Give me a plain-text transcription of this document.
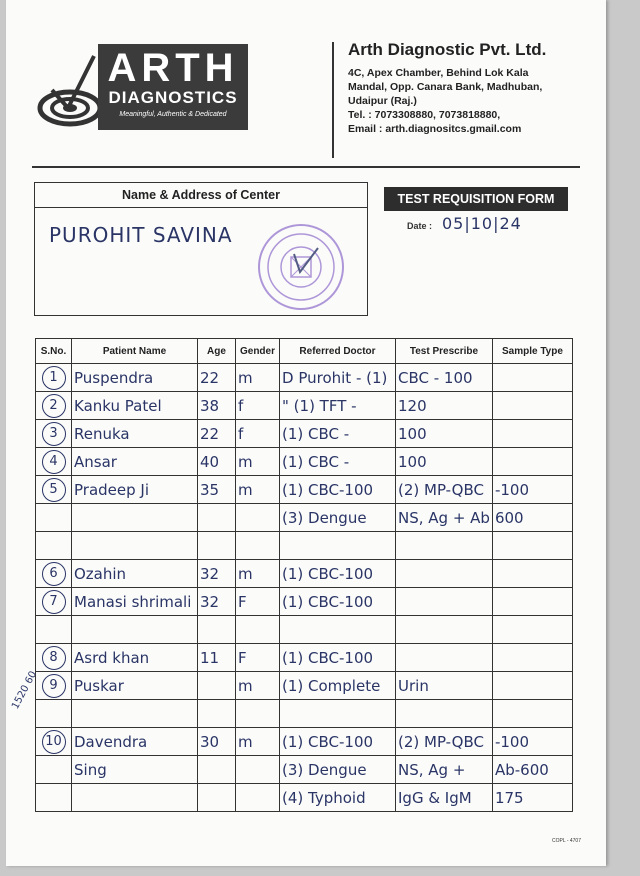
ARTH
DIAGNOSTICS
Meaningful, Authentic & Dedicated
Arth Diagnostic Pvt. Ltd.
4C, Apex Chamber, Behind Lok Kala
Mandal, Opp. Canara Bank, Madhuban,
Udaipur (Raj.)
Tel. : 7073308880, 7073818880,
Email : arth.diagnositcs.gmail.com
Name & Address of Center
PUROHIT SAVINA
TEST REQUISITION FORM
Date : 05|10|24
S.No.	Patient Name	Age	Gender	Referred Doctor	Test Prescribe	Sample Type
1	Puspendra	22	m	D Purohit - (1)	CBC - 100	
2	Kanku Patel	38	f	" (1) TFT -	120	
3	Renuka	22	f	(1) CBC -	100	
4	Ansar	40	m	(1) CBC -	100	
5	Pradeep Ji	35	m	(1) CBC-100	(2) MP-QBC	-100
				(3) Dengue	NS, Ag + Ab	600

6	Ozahin	32	m	(1) CBC-100		
7	Manasi shrimali	32	F	(1) CBC-100		

8	Asrd khan	11	F	(1) CBC-100		
9	Puskar		m	(1) Complete	Urin	

10	Davendra	30	m	(1) CBC-100	(2) MP-QBC	-100
	Sing			(3) Dengue	NS, Ag +	Ab-600
				(4) Typhoid	IgG & IgM	175
1520 60
COPL - 4707
